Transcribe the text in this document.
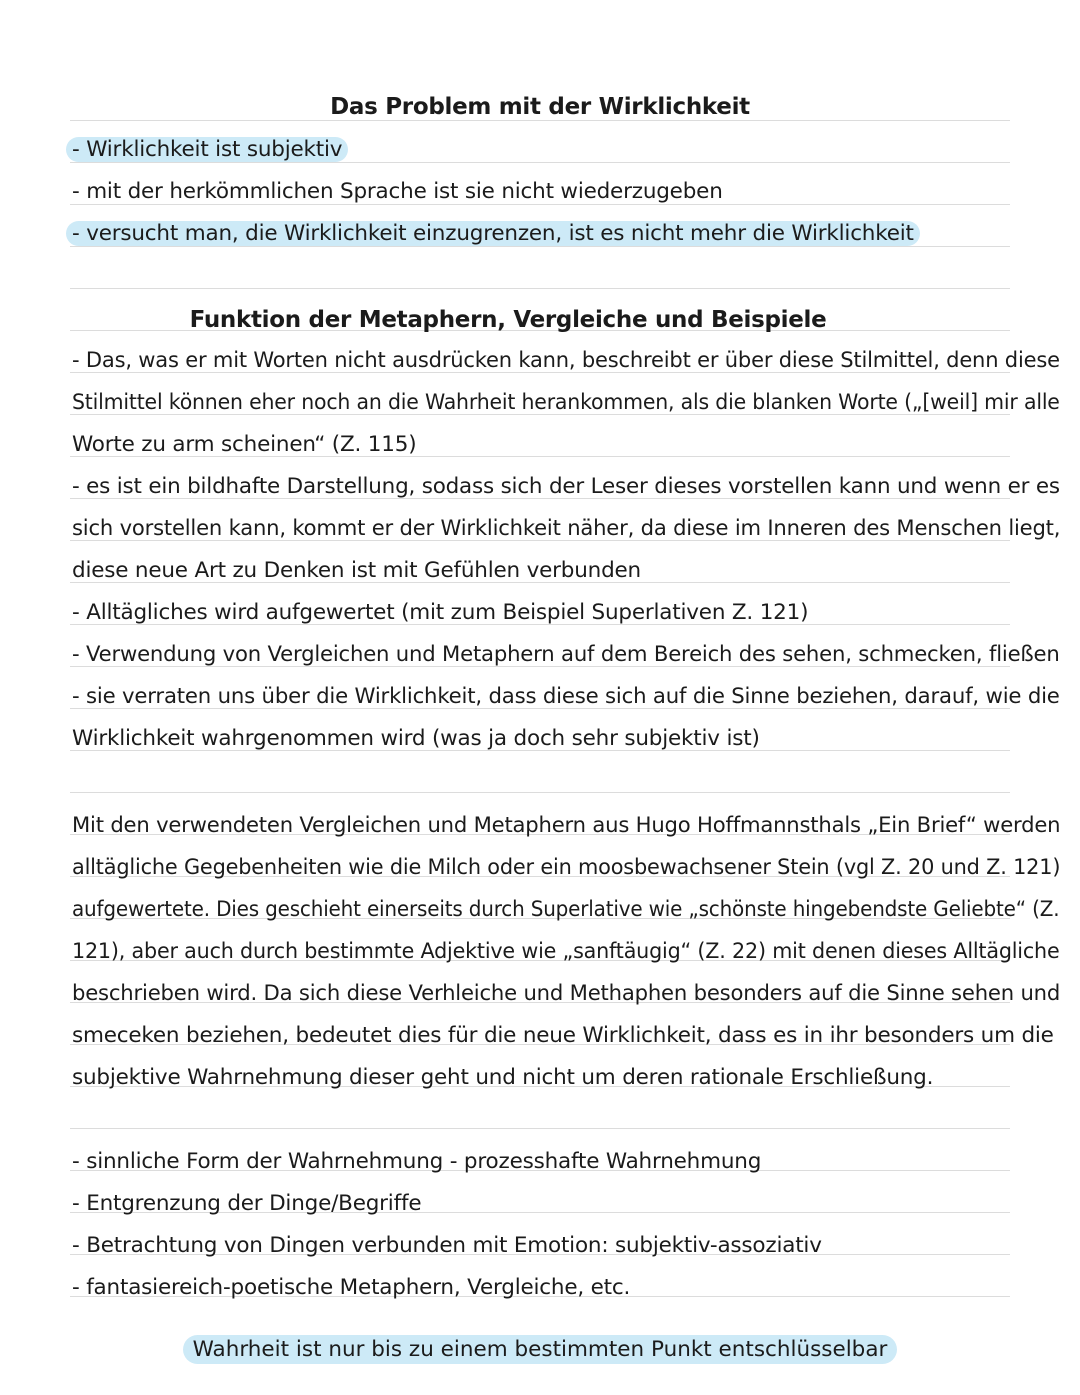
Das Problem mit der Wirklichkeit
- Wirklichkeit ist subjektiv
- mit der herkömmlichen Sprache ist sie nicht wiederzugeben
- versucht man, die Wirklichkeit einzugrenzen, ist es nicht mehr die Wirklichkeit
Funktion der Metaphern, Vergleiche und Beispiele
- Das, was er mit Worten nicht ausdrücken kann, beschreibt er über diese Stilmittel, denn diese
Stilmittel können eher noch an die Wahrheit herankommen, als die blanken Worte („[weil] mir alle
Worte zu arm scheinen“ (Z. 115)
- es ist ein bildhafte Darstellung, sodass sich der Leser dieses vorstellen kann und wenn er es
sich vorstellen kann, kommt er der Wirklichkeit näher, da diese im Inneren des Menschen liegt,
diese neue Art zu Denken ist mit Gefühlen verbunden
- Alltägliches wird aufgewertet (mit zum Beispiel Superlativen Z. 121)
- Verwendung von Vergleichen und Metaphern auf dem Bereich des sehen, schmecken, fließen
- sie verraten uns über die Wirklichkeit, dass diese sich auf die Sinne beziehen, darauf, wie die
Wirklichkeit wahrgenommen wird (was ja doch sehr subjektiv ist)
Mit den verwendeten Vergleichen und Metaphern aus Hugo Hoffmannsthals „Ein Brief“ werden
alltägliche Gegebenheiten wie die Milch oder ein moosbewachsener Stein (vgl Z. 20 und Z. 121)
aufgewertete. Dies geschieht einerseits durch Superlative wie „schönste hingebendste Geliebte“ (Z.
121), aber auch durch bestimmte Adjektive wie „sanftäugig“ (Z. 22) mit denen dieses Alltägliche
beschrieben wird. Da sich diese Verhleiche und Methaphen besonders auf die Sinne sehen und
smeceken beziehen, bedeutet dies für die neue Wirklichkeit, dass es in ihr besonders um die
subjektive Wahrnehmung dieser geht und nicht um deren rationale Erschließung.
- sinnliche Form der Wahrnehmung - prozesshafte Wahrnehmung
- Entgrenzung der Dinge/Begriffe
- Betrachtung von Dingen verbunden mit Emotion: subjektiv-assoziativ
- fantasiereich-poetische Metaphern, Vergleiche, etc.
Wahrheit ist nur bis zu einem bestimmten Punkt entschlüsselbar
